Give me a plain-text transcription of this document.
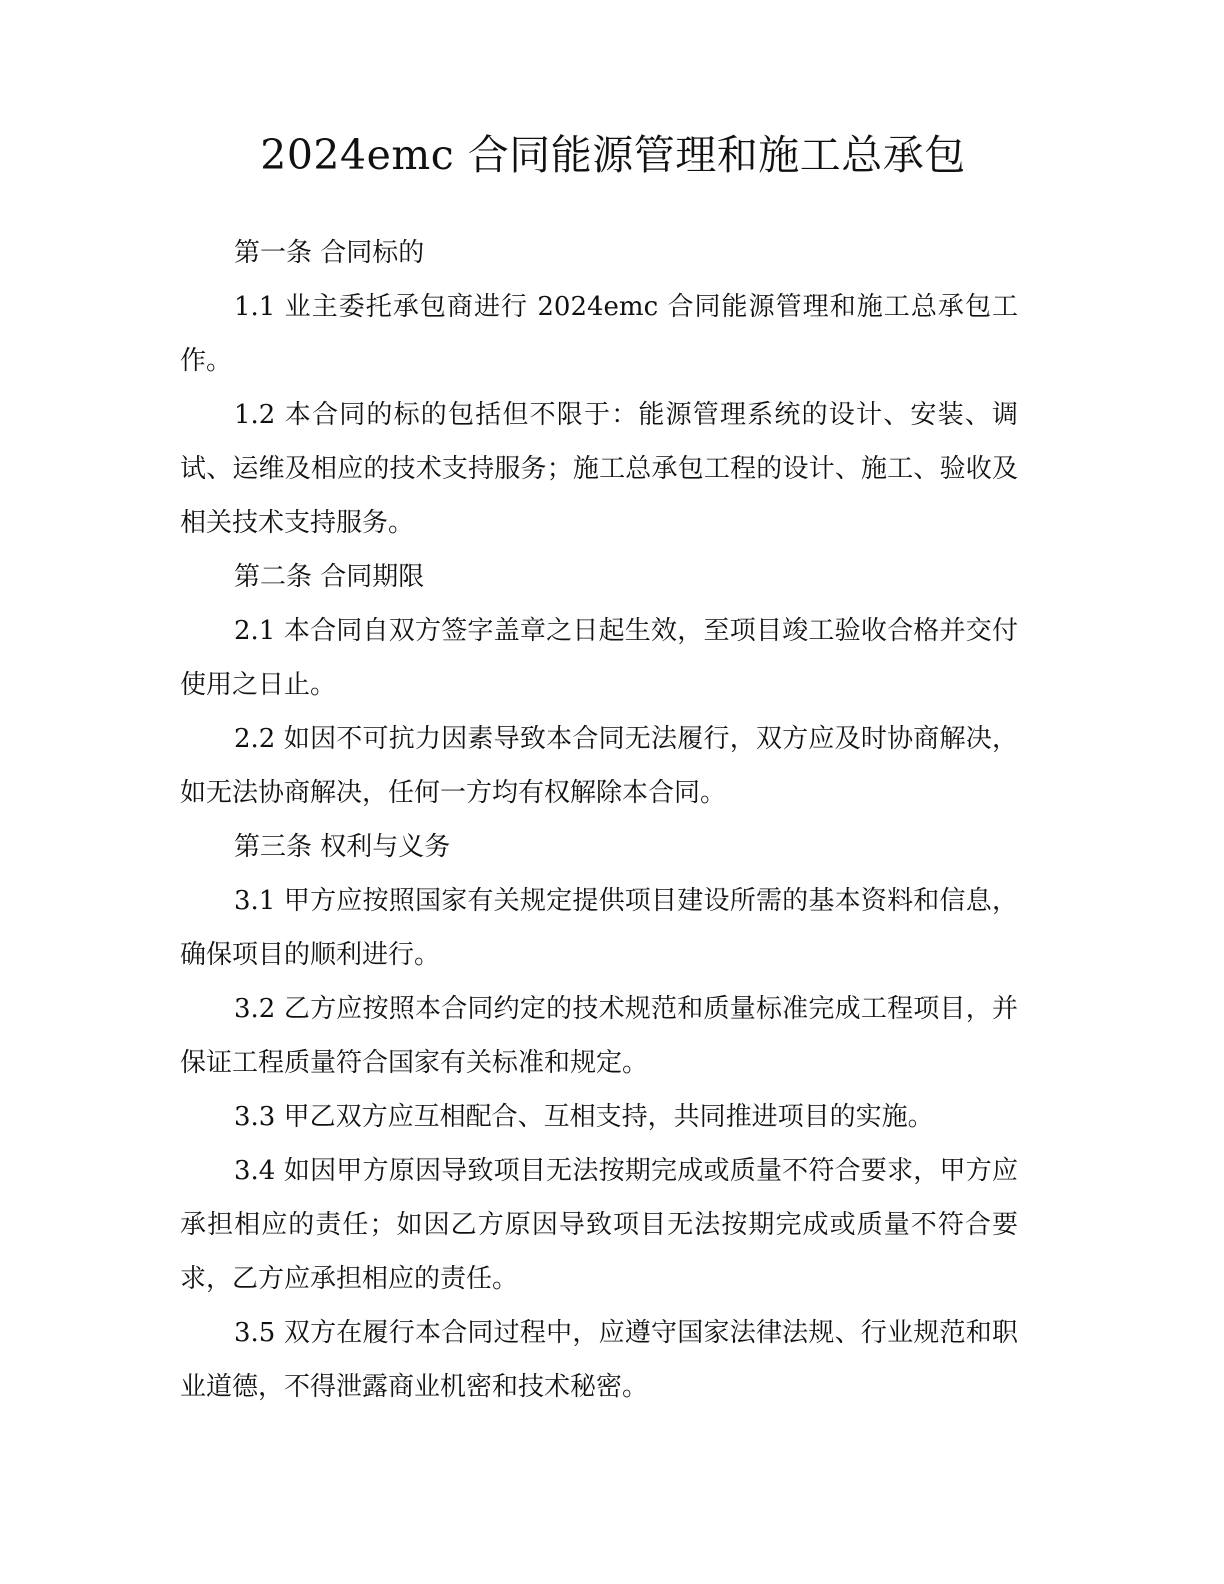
2024emc 合同能源管理和施工总承包

第一条 合同标的

1.1 业主委托承包商进行 2024emc 合同能源管理和施工总承包工作。

1.2 本合同的标的包括但不限于：能源管理系统的设计、安装、调试、运维及相应的技术支持服务；施工总承包工程的设计、施工、验收及相关技术支持服务。

第二条 合同期限

2.1 本合同自双方签字盖章之日起生效，至项目竣工验收合格并交付使用之日止。

2.2 如因不可抗力因素导致本合同无法履行，双方应及时协商解决，如无法协商解决，任何一方均有权解除本合同。

第三条 权利与义务

3.1 甲方应按照国家有关规定提供项目建设所需的基本资料和信息，确保项目的顺利进行。

3.2 乙方应按照本合同约定的技术规范和质量标准完成工程项目，并保证工程质量符合国家有关标准和规定。

3.3 甲乙双方应互相配合、互相支持，共同推进项目的实施。

3.4 如因甲方原因导致项目无法按期完成或质量不符合要求，甲方应承担相应的责任；如因乙方原因导致项目无法按期完成或质量不符合要求，乙方应承担相应的责任。

3.5 双方在履行本合同过程中，应遵守国家法律法规、行业规范和职业道德，不得泄露商业机密和技术秘密。
